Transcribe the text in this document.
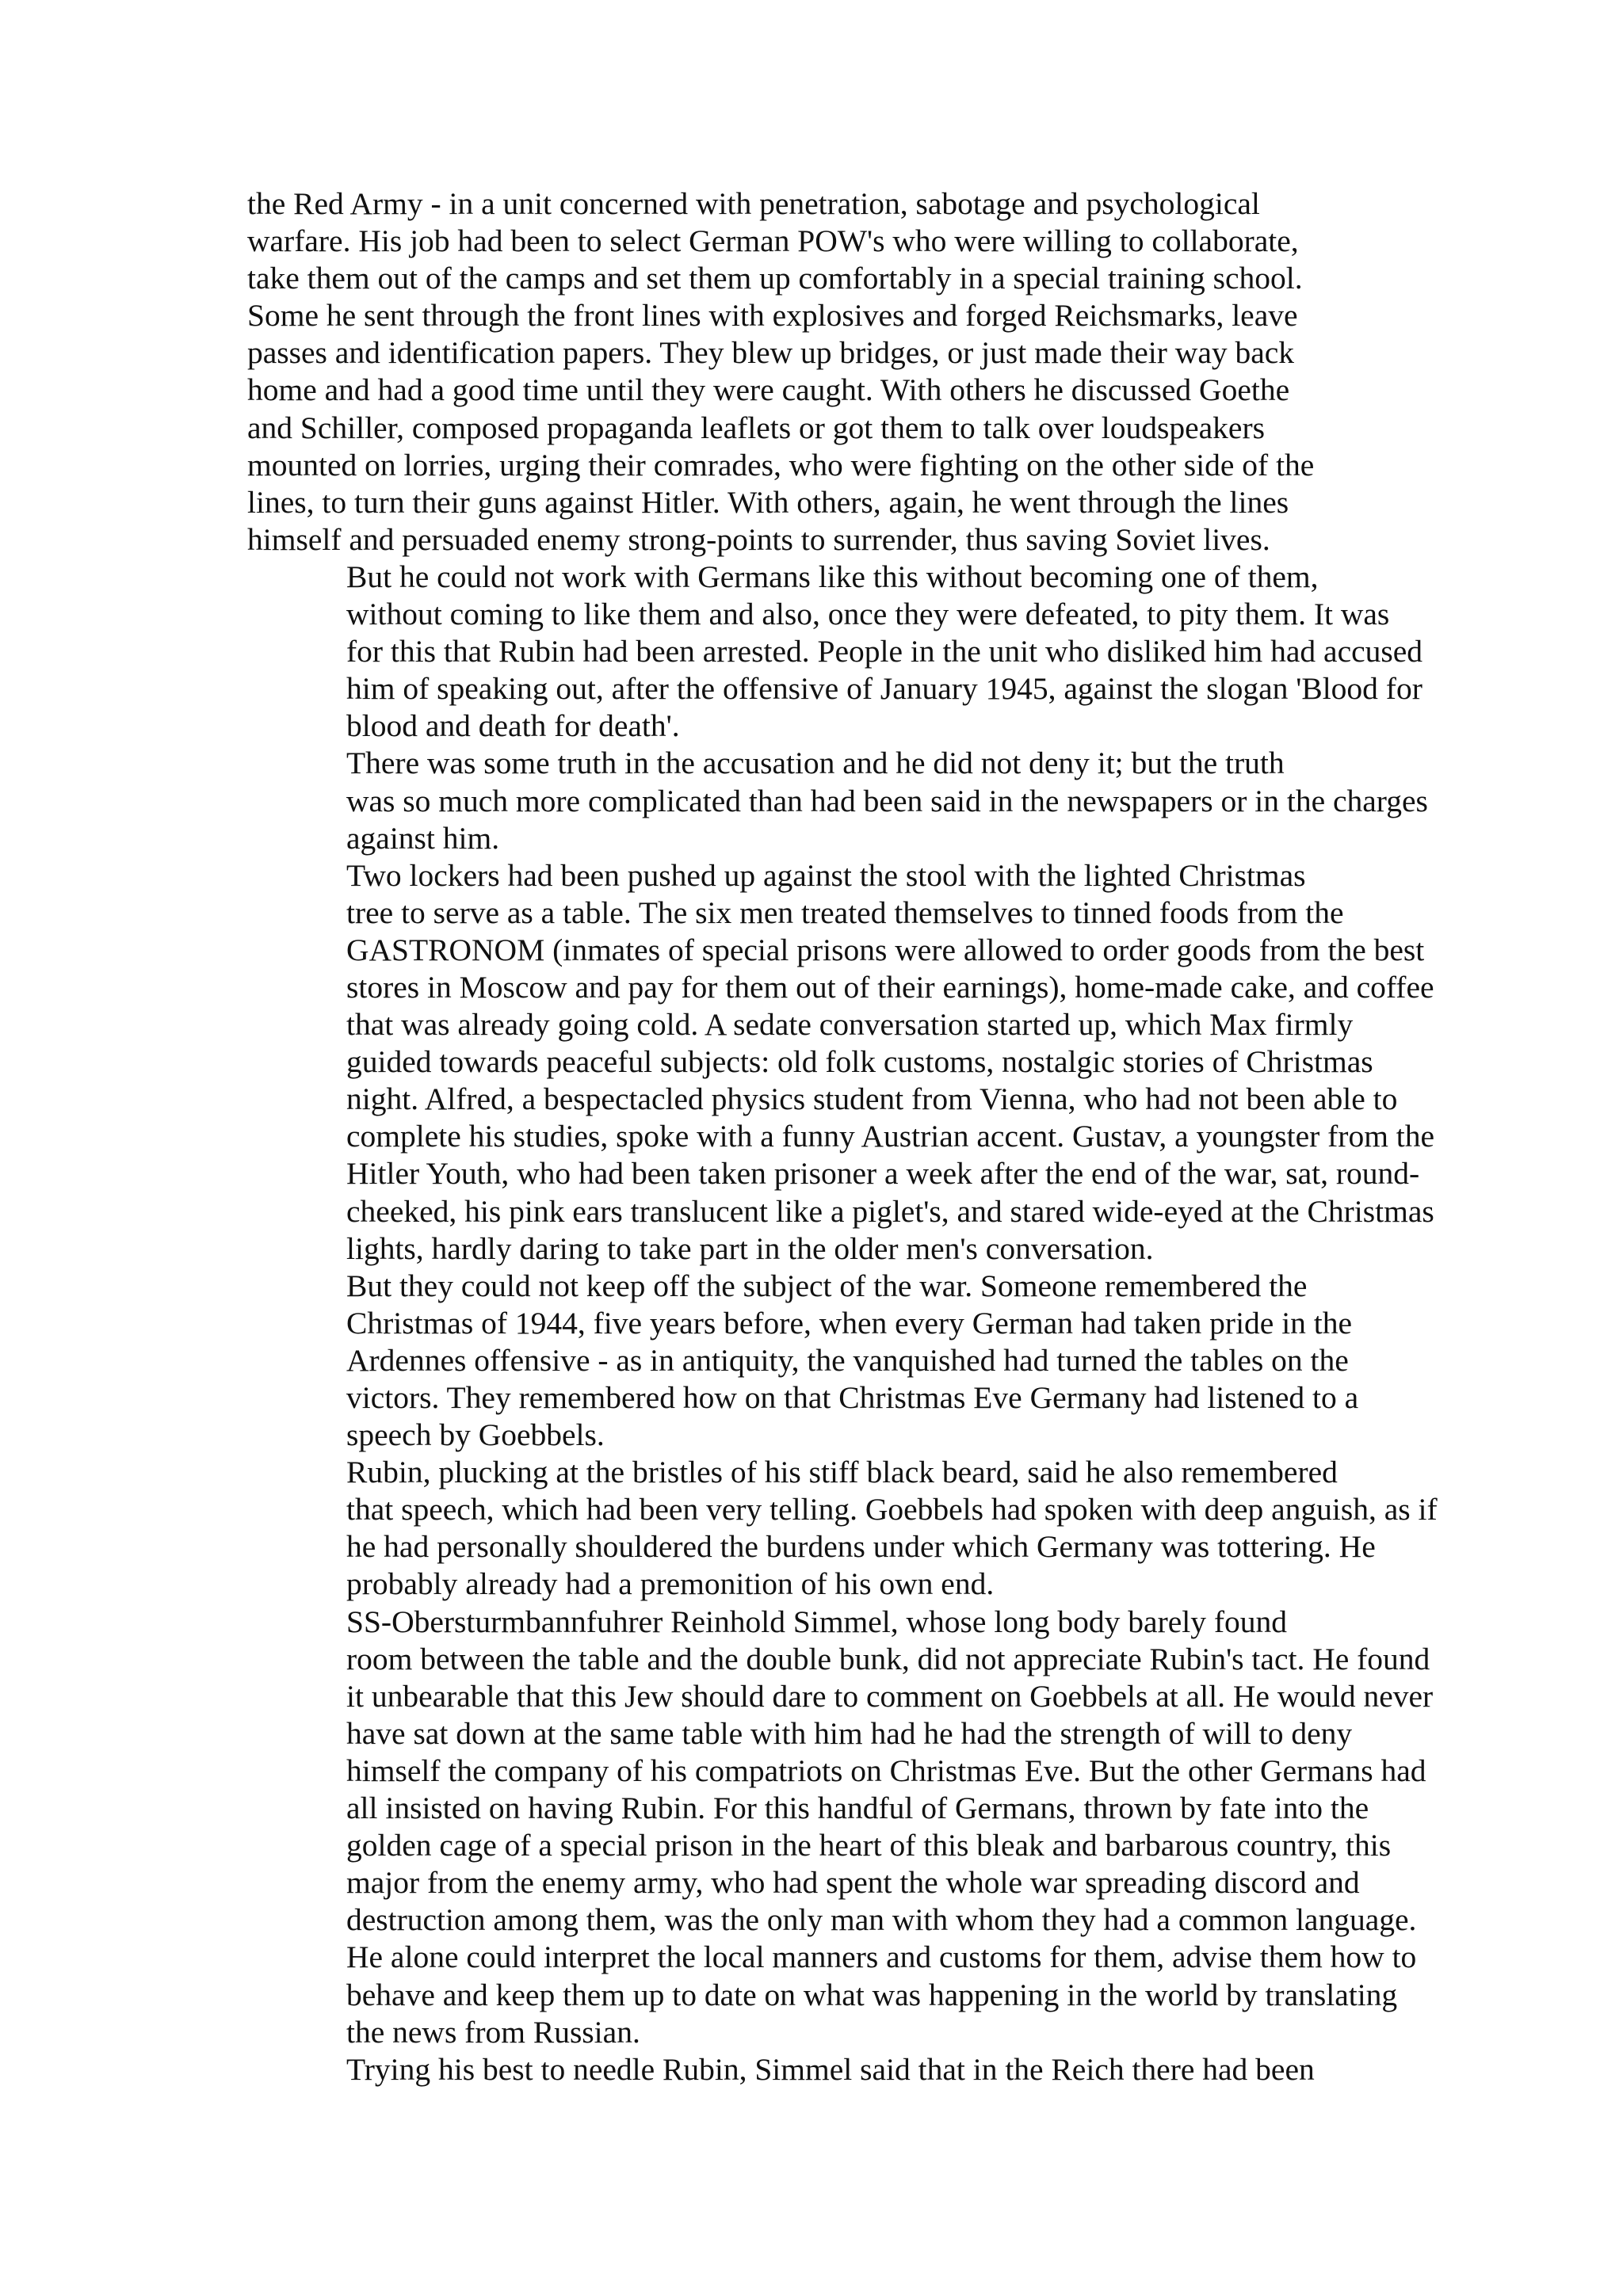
the Red Army - in a unit concerned with penetration, sabotage and psychological
warfare. His job had been to select German POW's who were willing to collaborate,
take them out of the camps and set them up comfortably in a special training school.
Some he sent through the front lines with explosives and forged Reichsmarks, leave
passes and identification papers. They blew up bridges, or just made their way back
home and had a good time until they were caught. With others he discussed Goethe
and Schiller, composed propaganda leaflets or got them to talk over loudspeakers
mounted on lorries, urging their comrades, who were fighting on the other side of the
lines, to turn their guns against Hitler. With others, again, he went through the lines
himself and persuaded enemy strong-points to surrender, thus saving Soviet lives.

But he could not work with Germans like this without becoming one of them,
without coming to like them and also, once they were defeated, to pity them. It was
for this that Rubin had been arrested. People in the unit who disliked him had accused
him of speaking out, after the offensive of January 1945, against the slogan 'Blood for
blood and death for death'.

There was some truth in the accusation and he did not deny it; but the truth
was so much more complicated than had been said in the newspapers or in the charges
against him.

Two lockers had been pushed up against the stool with the lighted Christmas
tree to serve as a table. The six men treated themselves to tinned foods from the
GASTRONOM (inmates of special prisons were allowed to order goods from the best
stores in Moscow and pay for them out of their earnings), home-made cake, and coffee
that was already going cold. A sedate conversation started up, which Max firmly
guided towards peaceful subjects: old folk customs, nostalgic stories of Christmas
night. Alfred, a bespectacled physics student from Vienna, who had not been able to
complete his studies, spoke with a funny Austrian accent. Gustav, a youngster from the
Hitler Youth, who had been taken prisoner a week after the end of the war, sat, round-
cheeked, his pink ears translucent like a piglet's, and stared wide-eyed at the Christmas
lights, hardly daring to take part in the older men's conversation.

But they could not keep off the subject of the war. Someone remembered the
Christmas of 1944, five years before, when every German had taken pride in the
Ardennes offensive - as in antiquity, the vanquished had turned the tables on the
victors. They remembered how on that Christmas Eve Germany had listened to a
speech by Goebbels.

Rubin, plucking at the bristles of his stiff black beard, said he also remembered
that speech, which had been very telling. Goebbels had spoken with deep anguish, as if
he had personally shouldered the burdens under which Germany was tottering. He
probably already had a premonition of his own end.

SS-Obersturmbannfuhrer Reinhold Simmel, whose long body barely found
room between the table and the double bunk, did not appreciate Rubin's tact. He found
it unbearable that this Jew should dare to comment on Goebbels at all. He would never
have sat down at the same table with him had he had the strength of will to deny
himself the company of his compatriots on Christmas Eve. But the other Germans had
all insisted on having Rubin. For this handful of Germans, thrown by fate into the
golden cage of a special prison in the heart of this bleak and barbarous country, this
major from the enemy army, who had spent the whole war spreading discord and
destruction among them, was the only man with whom they had a common language.
He alone could interpret the local manners and customs for them, advise them how to
behave and keep them up to date on what was happening in the world by translating
the news from Russian.

Trying his best to needle Rubin, Simmel said that in the Reich there had been
